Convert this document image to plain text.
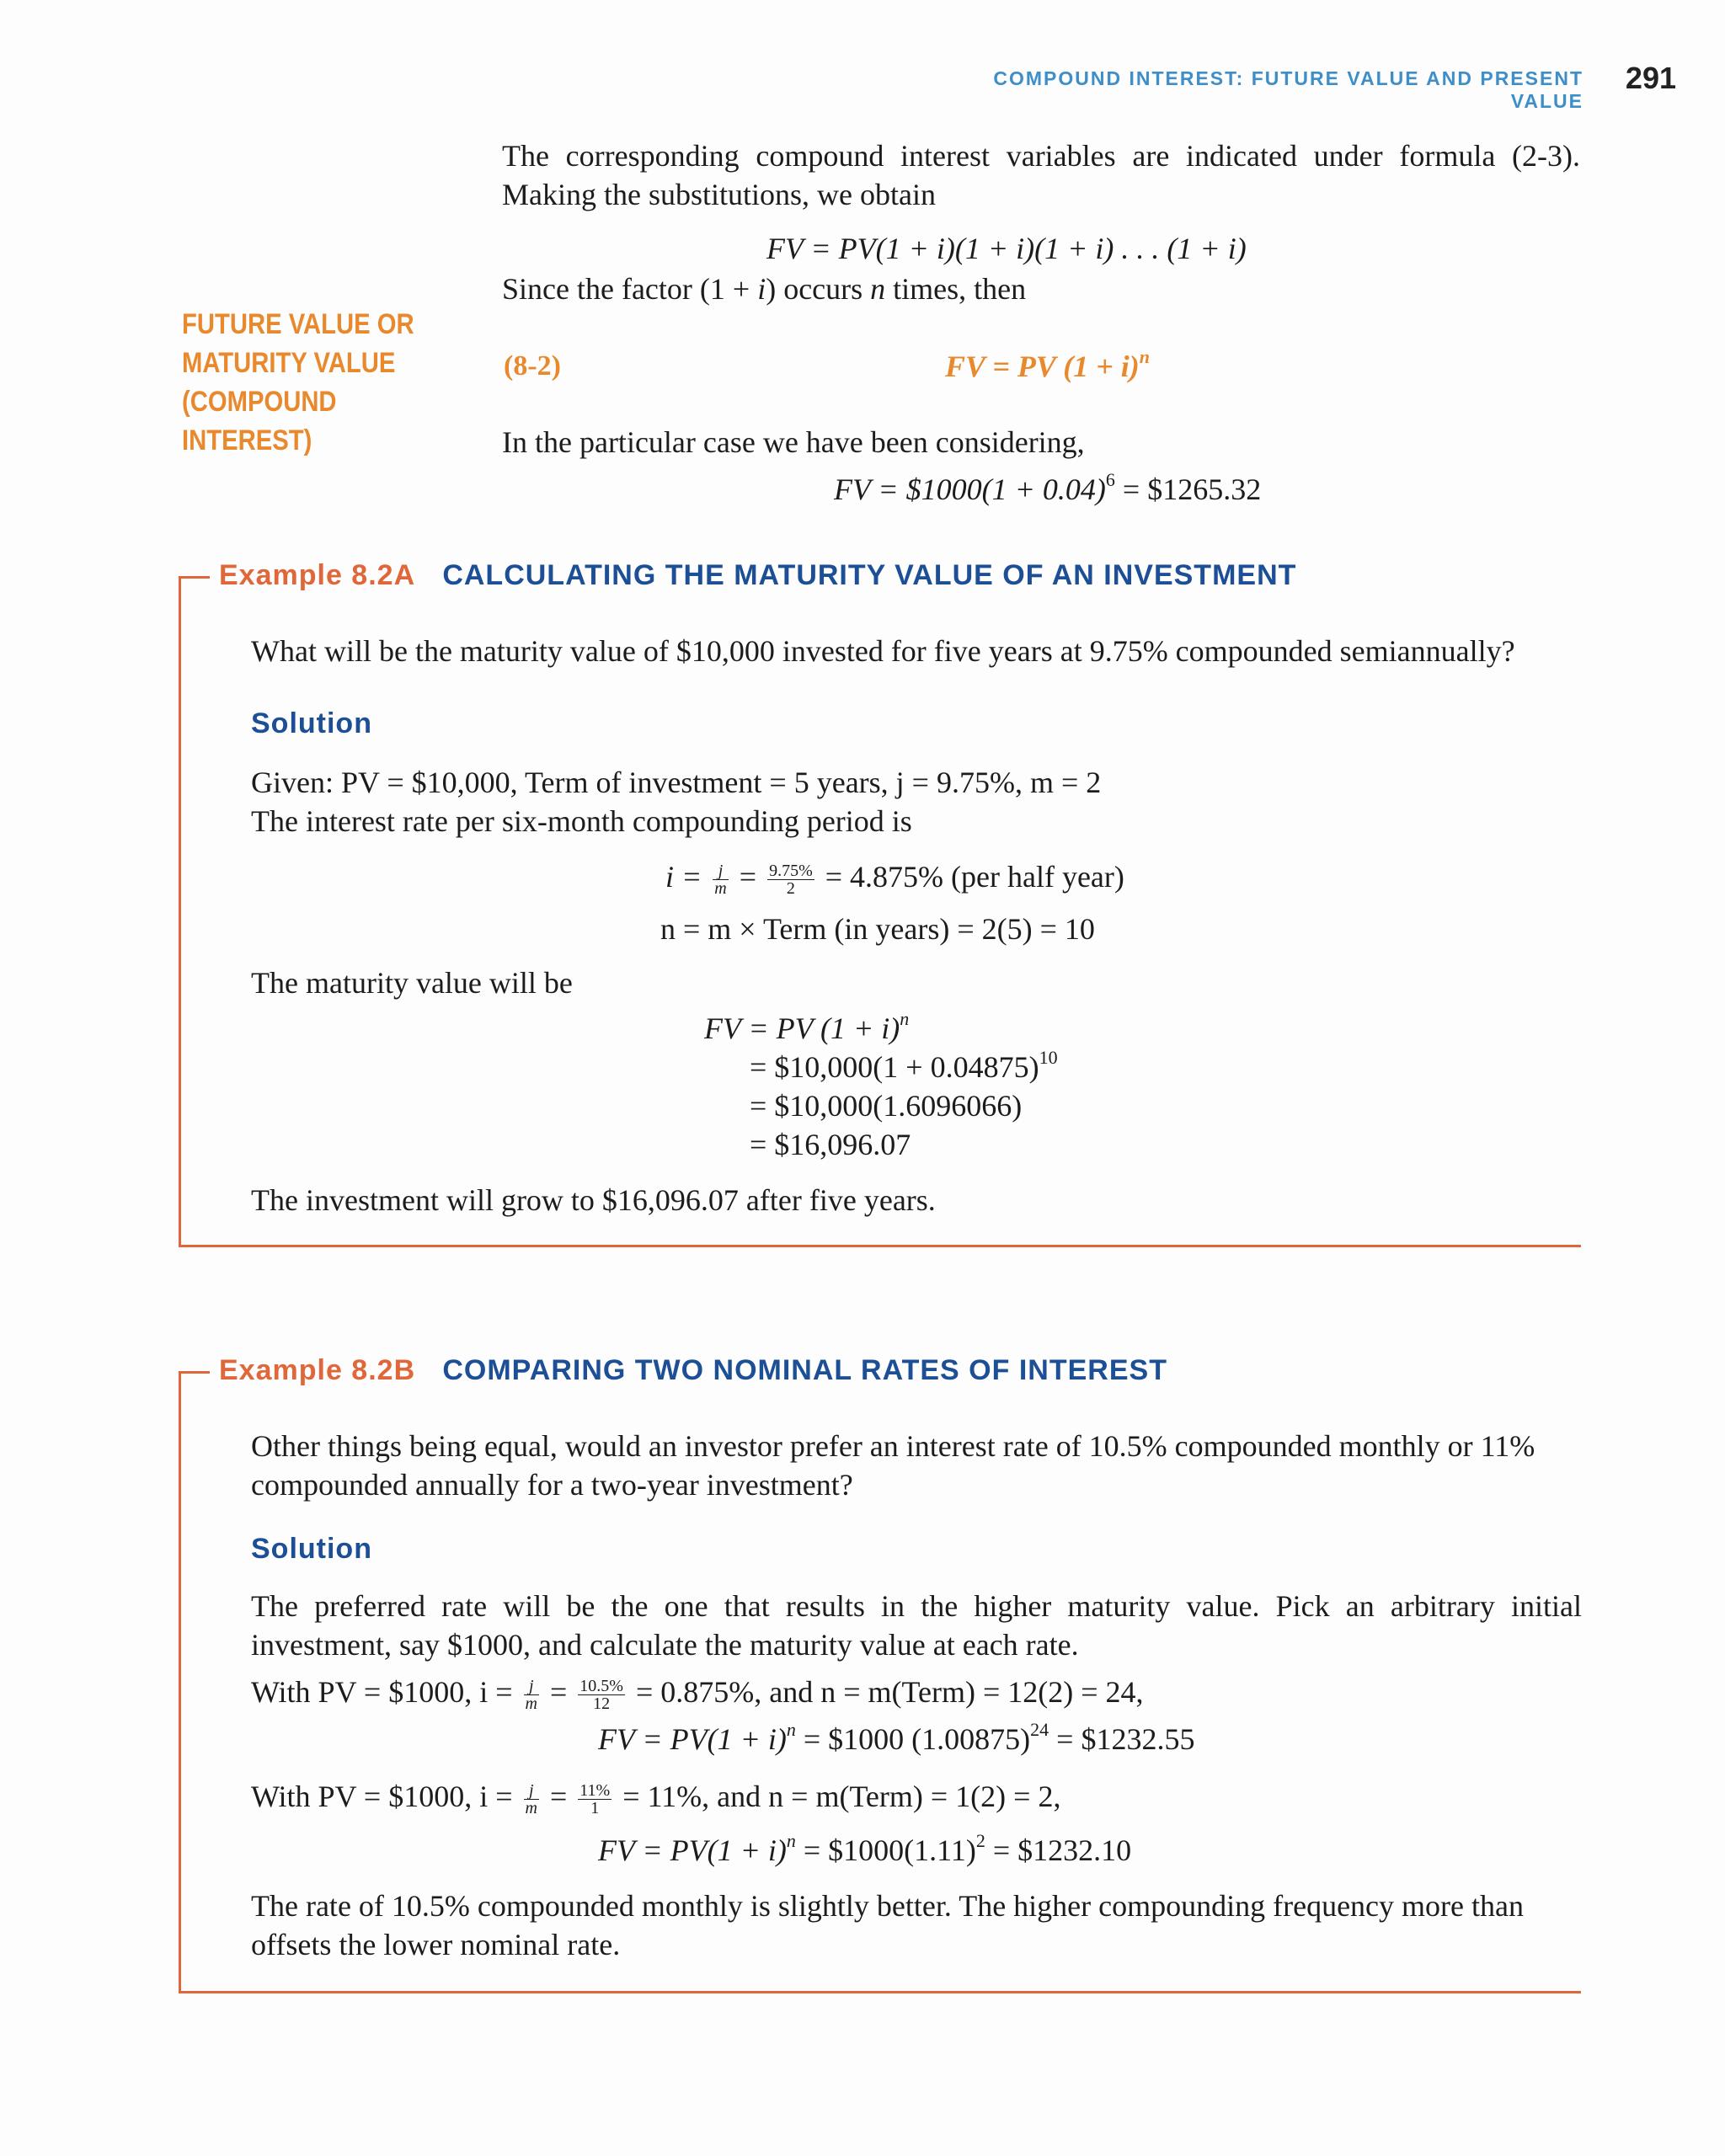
COMPOUND INTEREST: FUTURE VALUE AND PRESENT VALUE
291
The corresponding compound interest variables are indicated under formula (2-3). Making the substitutions, we obtain
FV = PV(1 + i)(1 + i)(1 + i) . . . (1 + i)
Since the factor (1 + i) occurs n times, then
FUTURE VALUE OR
MATURITY VALUE
(COMPOUND INTEREST)
(8-2)	FV = PV $(1 + i)^n$
In the particular case we have been considering,
FV = $1000(1 + 0.04)$^6$ = $1265.32
Example 8.2A CALCULATING THE MATURITY VALUE OF AN INVESTMENT
What will be the maturity value of $10,000 invested for five years at 9.75% compounded semiannually?
Solution
Given: PV = $10,000, Term of investment = 5 years, j = 9.75%, m = 2
The interest rate per six-month compounding period is
$i = \frac{j}{m} = \frac{9.75\%}{2} = 4.875\%$ (per half year)
n = m × Term (in years) = 2(5) = 10
The maturity value will be
FV = PV $(1 + i)^n$
= $10,000(1 + 0.04875)$^{10}$
= $10,000(1.6096066)
= $16,096.07
The investment will grow to $16,096.07 after five years.
Example 8.2B COMPARING TWO NOMINAL RATES OF INTEREST
Other things being equal, would an investor prefer an interest rate of 10.5% compounded monthly or 11% compounded annually for a two-year investment?
Solution
The preferred rate will be the one that results in the higher maturity value. Pick an arbitrary initial investment, say $1000, and calculate the maturity value at each rate.
With PV = $1000, $i = \frac{j}{m} = \frac{10.5\%}{12} = 0.875\%$, and n = m(Term) = 12(2) = 24,
FV = $PV(1 + i)^n$ = $1000 $(1.00875)^{24}$ = $1232.55
With PV = $1000, $i = \frac{j}{m} = \frac{11\%}{1} = 11\%$, and n = m(Term) = 1(2) = 2,
FV = $PV(1 + i)^n$ = $\$1000(1.11)^2$ = $1232.10
The rate of 10.5% compounded monthly is slightly better. The higher compounding frequency more than offsets the lower nominal rate.
